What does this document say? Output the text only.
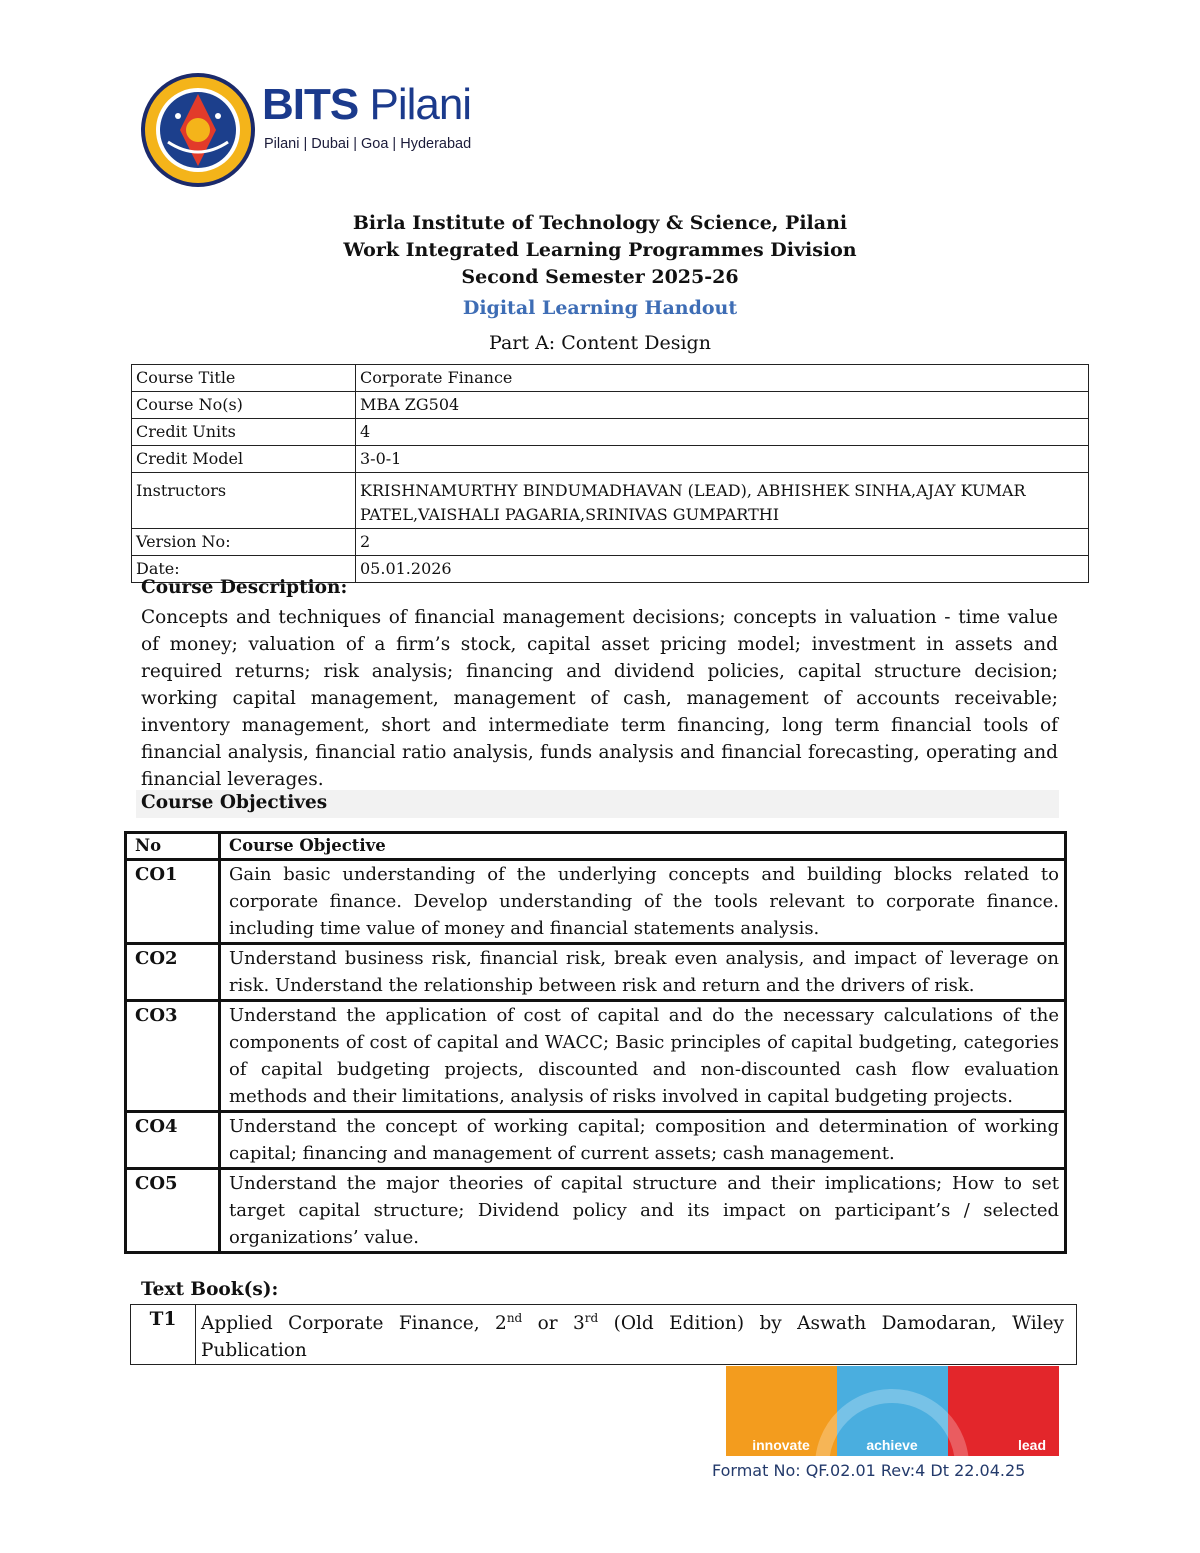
BITS Pilani
Pilani | Dubai | Goa | Hyderabad
Birla Institute of Technology & Science, Pilani
Work Integrated Learning Programmes Division
Second Semester 2025-26
Digital Learning Handout
Part A: Content Design
Course Title	Corporate Finance
Course No(s)	MBA ZG504
Credit Units	4
Credit Model	3-0-1
Instructors	KRISHNAMURTHY BINDUMADHAVAN (LEAD), ABHISHEK SINHA,AJAY KUMAR PATEL,VAISHALI PAGARIA,SRINIVAS GUMPARTHI
Version No:	2
Date:	05.01.2026
Course Description:
Concepts and techniques of financial management decisions; concepts in valuation - time value of money; valuation of a firm’s stock, capital asset pricing model; investment in assets and required returns; risk analysis; financing and dividend policies, capital structure decision; working capital management, management of cash, management of accounts receivable; inventory management, short and intermediate term financing, long term financial tools of financial analysis, financial ratio analysis, funds analysis and financial forecasting, operating and financial leverages.
Course Objectives
No	Course Objective
CO1	Gain basic understanding of the underlying concepts and building blocks related to corporate finance. Develop understanding of the tools relevant to corporate finance. including time value of money and financial statements analysis.
CO2	Understand business risk, financial risk, break even analysis, and impact of leverage on risk. Understand the relationship between risk and return and the drivers of risk.
CO3	Understand the application of cost of capital and do the necessary calculations of the components of cost of capital and WACC; Basic principles of capital budgeting, categories of capital budgeting projects, discounted and non-discounted cash flow evaluation methods and their limitations, analysis of risks involved in capital budgeting projects.
CO4	Understand the concept of working capital; composition and determination of working capital; financing and management of current assets; cash management.
CO5	Understand the major theories of capital structure and their implications; How to set target capital structure; Dividend policy and its impact on participant’s / selected organizations’ value.
Text Book(s):
T1	Applied Corporate Finance, 2nd or 3rd (Old Edition) by Aswath Damodaran, Wiley Publication
innovate	achieve	lead
Format No: QF.02.01 Rev:4 Dt 22.04.25
